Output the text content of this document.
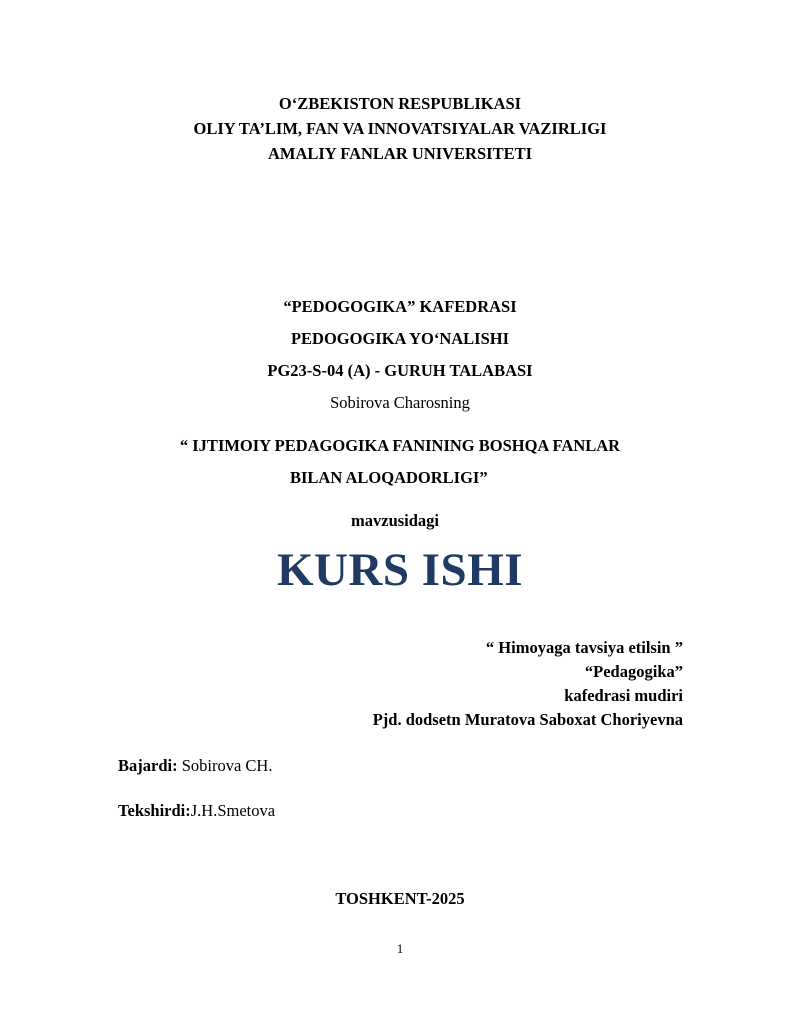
O‘ZBEKISTON RESPUBLIKASI
OLIY TA’LIM, FAN VA INNOVATSIYALAR VAZIRLIGI
AMALIY FANLAR UNIVERSITETI
“PEDOGOGIKA” KAFEDRASI
PEDOGOGIKA YO‘NALISHI
PG23-S-04 (A) - GURUH TALABASI
Sobirova Charosning
“ IJTIMOIY PEDAGOGIKA FANINING BOSHQA FANLAR
BILAN ALOQADORLIGI”
mavzusidagi
KURS ISHI
“ Himoyaga tavsiya etilsin ”
“Pedagogika”
kafedrasi mudiri
Pjd. dodsetn Muratova Saboxat Choriyevna
Bajardi: Sobirova CH.
Tekshirdi:J.H.Smetova
TOSHKENT-2025
1
